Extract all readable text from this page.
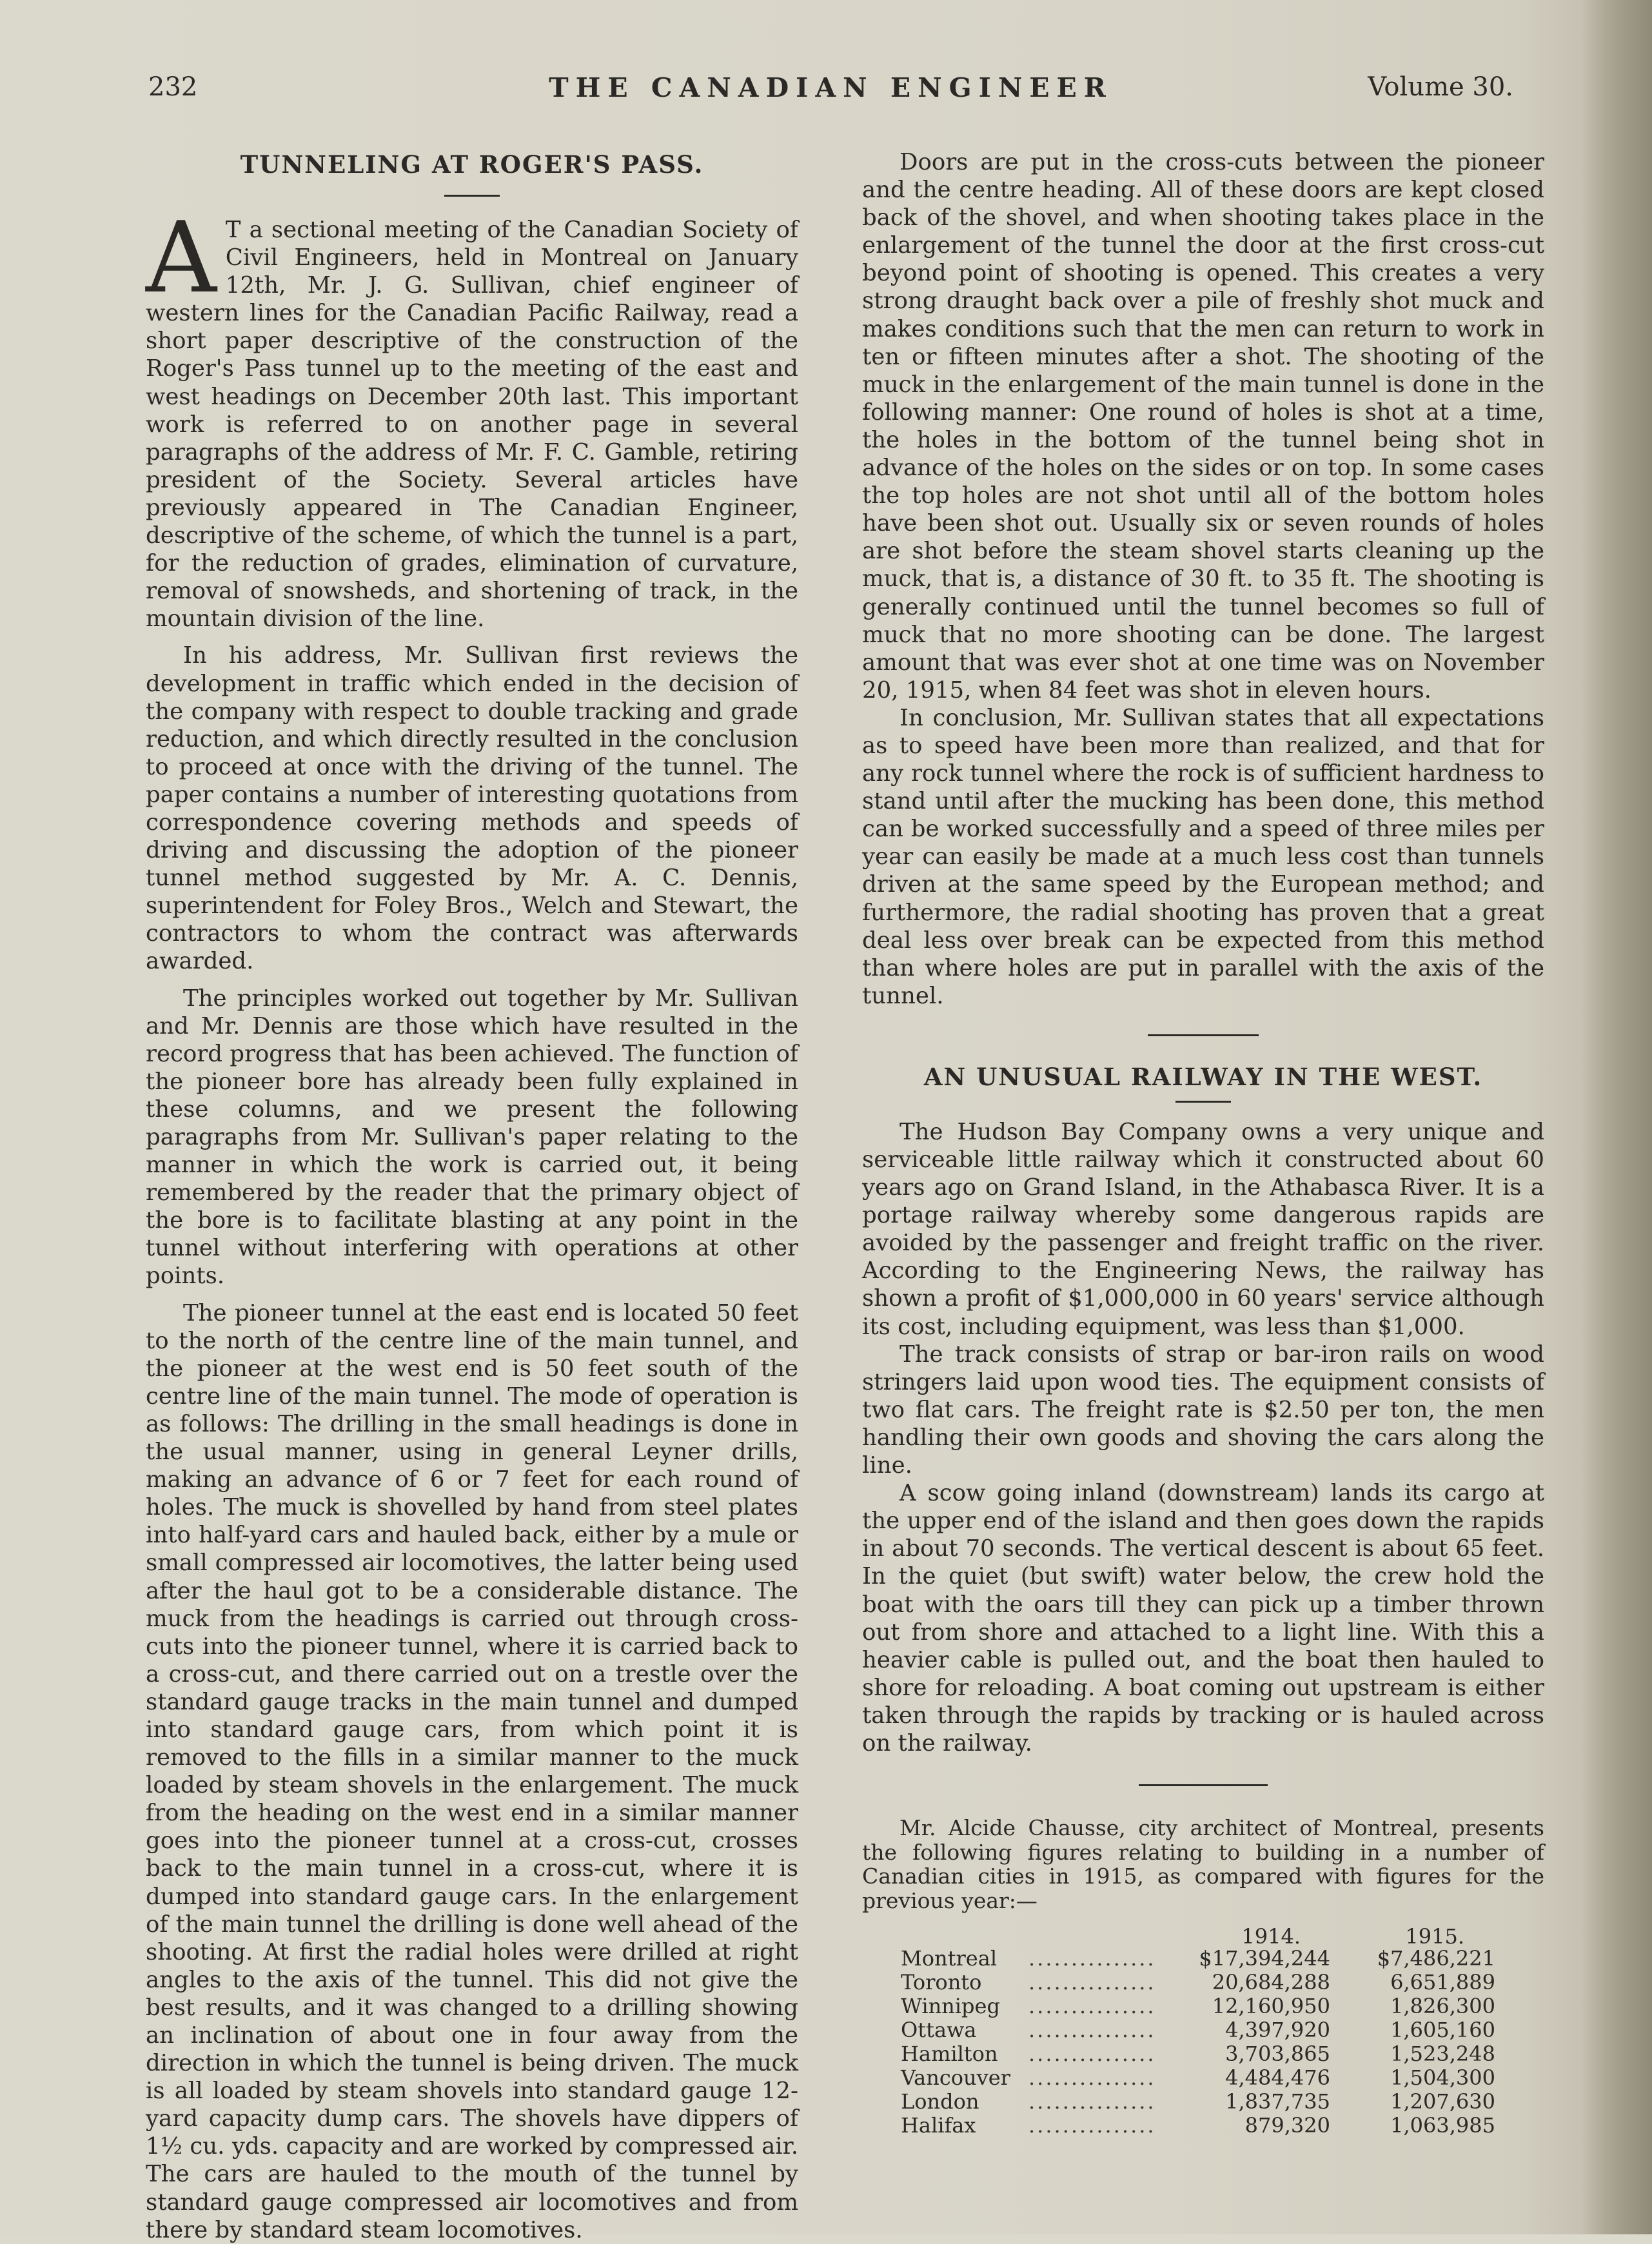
232	THE CANADIAN ENGINEER	Volume 30.
TUNNELING AT ROGER'S PASS.

A T a sectional meeting of the Canadian Society of Civil Engineers, held in Montreal on January 12th, Mr. J. G. Sullivan, chief engineer of western lines for the Canadian Pacific Railway, read a short paper descriptive of the construction of the Roger's Pass tunnel up to the meeting of the east and west headings on December 20th last. This important work is referred to on another page in several paragraphs of the address of Mr. F. C. Gamble, retiring president of the Society. Several articles have previously appeared in The Canadian Engineer, descriptive of the scheme, of which the tunnel is a part, for the reduction of grades, elimination of curvature, removal of snowsheds, and shortening of track, in the mountain division of the line.

In his address, Mr. Sullivan first reviews the development in traffic which ended in the decision of the company with respect to double tracking and grade reduction, and which directly resulted in the conclusion to proceed at once with the driving of the tunnel. The paper contains a number of interesting quotations from correspondence covering methods and speeds of driving and discussing the adoption of the pioneer tunnel method suggested by Mr. A. C. Dennis, superintendent for Foley Bros., Welch and Stewart, the contractors to whom the contract was afterwards awarded.

The principles worked out together by Mr. Sullivan and Mr. Dennis are those which have resulted in the record progress that has been achieved. The function of the pioneer bore has already been fully explained in these columns, and we present the following paragraphs from Mr. Sullivan's paper relating to the manner in which the work is carried out, it being remembered by the reader that the primary object of the bore is to facilitate blasting at any point in the tunnel without interfering with operations at other points.

The pioneer tunnel at the east end is located 50 feet to the north of the centre line of the main tunnel, and the pioneer at the west end is 50 feet south of the centre line of the main tunnel. The mode of operation is as follows: The drilling in the small headings is done in the usual manner, using in general Leyner drills, making an advance of 6 or 7 feet for each round of holes. The muck is shovelled by hand from steel plates into half-yard cars and hauled back, either by a mule or small compressed air locomotives, the latter being used after the haul got to be a considerable distance. The muck from the headings is carried out through cross-cuts into the pioneer tunnel, where it is carried back to a cross-cut, and there carried out on a trestle over the standard gauge tracks in the main tunnel and dumped into standard gauge cars, from which point it is removed to the fills in a similar manner to the muck loaded by steam shovels in the enlargement. The muck from the heading on the west end in a similar manner goes into the pioneer tunnel at a cross-cut, crosses back to the main tunnel in a cross-cut, where it is dumped into standard gauge cars. In the enlargement of the main tunnel the drilling is done well ahead of the shooting. At first the radial holes were drilled at right angles to the axis of the tunnel. This did not give the best results, and it was changed to a drilling showing an inclination of about one in four away from the direction in which the tunnel is being driven. The muck is all loaded by steam shovels into standard gauge 12-yard capacity dump cars. The shovels have dippers of 1½ cu. yds. capacity and are worked by compressed air. The cars are hauled to the mouth of the tunnel by standard gauge compressed air locomotives and from there by standard steam locomotives.

Doors are put in the cross-cuts between the pioneer and the centre heading. All of these doors are kept closed back of the shovel, and when shooting takes place in the enlargement of the tunnel the door at the first cross-cut beyond point of shooting is opened. This creates a very strong draught back over a pile of freshly shot muck and makes conditions such that the men can return to work in ten or fifteen minutes after a shot. The shooting of the muck in the enlargement of the main tunnel is done in the following manner: One round of holes is shot at a time, the holes in the bottom of the tunnel being shot in advance of the holes on the sides or on top. In some cases the top holes are not shot until all of the bottom holes have been shot out. Usually six or seven rounds of holes are shot before the steam shovel starts cleaning up the muck, that is, a distance of 30 ft. to 35 ft. The shooting is generally continued until the tunnel becomes so full of muck that no more shooting can be done. The largest amount that was ever shot at one time was on November 20, 1915, when 84 feet was shot in eleven hours.

In conclusion, Mr. Sullivan states that all expectations as to speed have been more than realized, and that for any rock tunnel where the rock is of sufficient hardness to stand until after the mucking has been done, this method can be worked successfully and a speed of three miles per year can easily be made at a much less cost than tunnels driven at the same speed by the European method; and furthermore, the radial shooting has proven that a great deal less over break can be expected from this method than where holes are put in parallel with the axis of the tunnel.

AN UNUSUAL RAILWAY IN THE WEST.

The Hudson Bay Company owns a very unique and serviceable little railway which it constructed about 60 years ago on Grand Island, in the Athabasca River. It is a portage railway whereby some dangerous rapids are avoided by the passenger and freight traffic on the river. According to the Engineering News, the railway has shown a profit of $1,000,000 in 60 years' service although its cost, including equipment, was less than $1,000.

The track consists of strap or bar-iron rails on wood stringers laid upon wood ties. The equipment consists of two flat cars. The freight rate is $2.50 per ton, the men handling their own goods and shoving the cars along the line.

A scow going inland (downstream) lands its cargo at the upper end of the island and then goes down the rapids in about 70 seconds. The vertical descent is about 65 feet. In the quiet (but swift) water below, the crew hold the boat with the oars till they can pick up a timber thrown out from shore and attached to a light line. With this a heavier cable is pulled out, and the boat then hauled to shore for reloading. A boat coming out upstream is either taken through the rapids by tracking or is hauled across on the railway.

Mr. Alcide Chausse, city architect of Montreal, presents the following figures relating to building in a number of Canadian cities in 1915, as compared with figures for the previous year:—

1914.	1915.
Montreal ............... $17,394,244 $7,486,221
Toronto ...............	20,684,288	6,651,889
Winnipeg ...............	12,160,950	1,826,300
Ottawa	...............	4,397,920	1,605,160
Hamilton ...............	3,703,865	1,523,248
Vancouver ...............	4,484,476	1,504,300
London ...............	1,837,735	1,207,630
Halifax	...............	879,320	1,063,985
